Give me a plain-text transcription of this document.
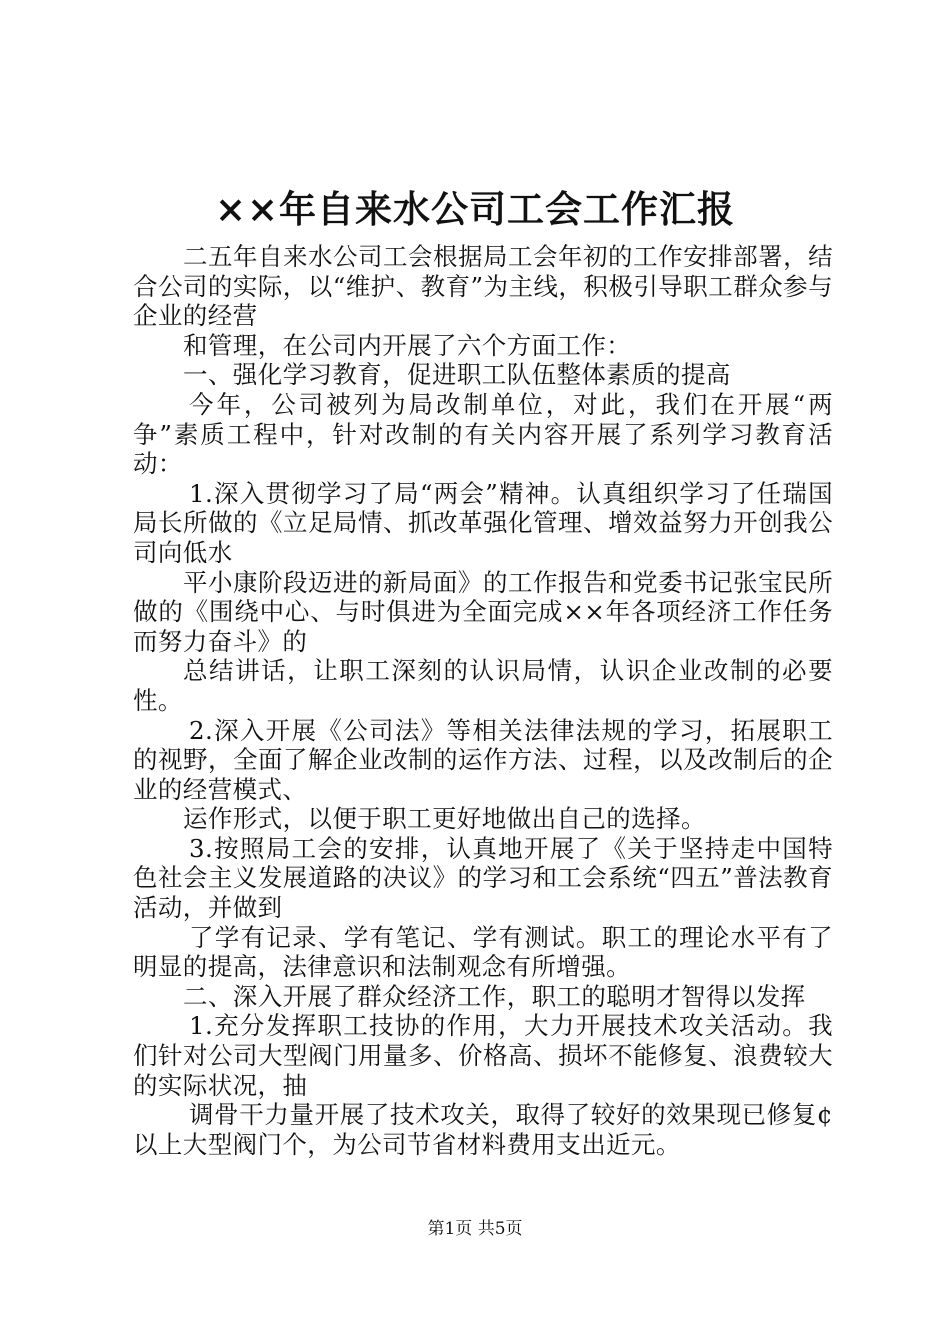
××年自来水公司工会工作汇报

二五年自来水公司工会根据局工会年初的工作安排部署，结合公司的实际，以“维护、教育”为主线，积极引导职工群众参与企业的经营

和管理，在公司内开展了六个方面工作：

一、强化学习教育，促进职工队伍整体素质的提高

今年，公司被列为局改制单位，对此，我们在开展“两争”素质工程中，针对改制的有关内容开展了系列学习教育活动：

1.深入贯彻学习了局“两会”精神。认真组织学习了任瑞国局长所做的《立足局情、抓改革强化管理、增效益努力开创我公司向低水

平小康阶段迈进的新局面》的工作报告和党委书记张宝民所做的《围绕中心、与时俱进为全面完成××年各项经济工作任务而努力奋斗》的

总结讲话，让职工深刻的认识局情，认识企业改制的必要性。

2.深入开展《公司法》等相关法律法规的学习，拓展职工的视野，全面了解企业改制的运作方法、过程，以及改制后的企业的经营模式、

运作形式，以便于职工更好地做出自己的选择。

3.按照局工会的安排，认真地开展了《关于坚持走中国特色社会主义发展道路的决议》的学习和工会系统“四五”普法教育活动，并做到

了学有记录、学有笔记、学有测试。职工的理论水平有了明显的提高，法律意识和法制观念有所增强。

二、深入开展了群众经济工作，职工的聪明才智得以发挥

1.充分发挥职工技协的作用，大力开展技术攻关活动。我们针对公司大型阀门用量多、价格高、损坏不能修复、浪费较大的实际状况，抽

调骨干力量开展了技术攻关，取得了较好的效果现已修复¢以上大型阀门个，为公司节省材料费用支出近元。

第1页 共5页
